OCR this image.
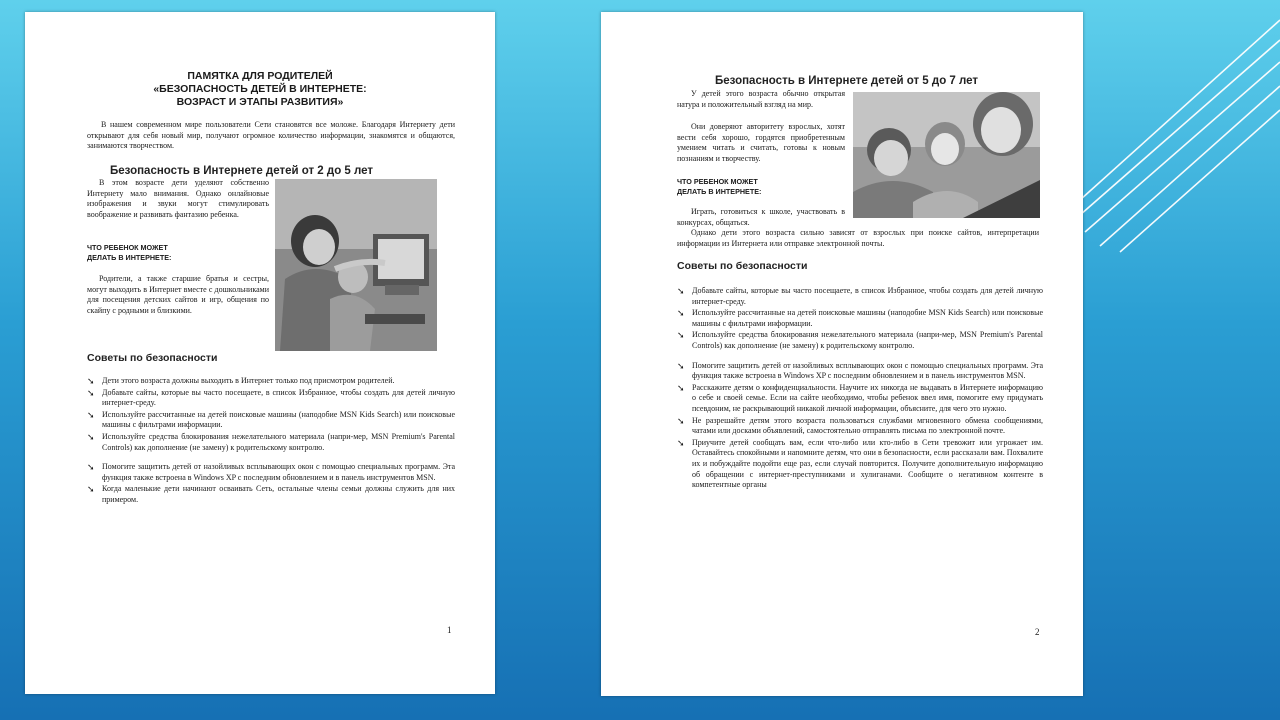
ПАМЯТКА ДЛЯ РОДИТЕЛЕЙ
«БЕЗОПАСНОСТЬ ДЕТЕЙ В ИНТЕРНЕТЕ:
ВОЗРАСТ И ЭТАПЫ РАЗВИТИЯ»
В нашем современном мире пользователи Сети становятся все моложе. Благодаря Интернету дети открывают для себя новый мир, получают огромное количество информации, знакомятся и общаются, занимаются творчеством.
Безопасность в Интернете детей от 2 до 5 лет
В этом возрасте дети уделяют собственно Интернету мало внимания. Однако онлайновые изображения и звуки могут стимулировать воображение и развивать фантазию ребенка.
ЧТО РЕБЕНОК МОЖЕТ
ДЕЛАТЬ В ИНТЕРНЕТЕ:
Родители, а также старшие братья и сестры, могут выходить в Интернет вместе с дошкольниками для посещения детских сайтов и игр, общения по скайпу с родными и близкими.
Советы по безопасности
➘ Дети этого возраста должны выходить в Интернет только под присмотром родителей.
➘ Добавьте сайты, которые вы часто посещаете, в список Избранное, чтобы создать для детей личную интернет-среду.
➘ Используйте рассчитанные на детей поисковые машины (наподобие MSN Kids Search) или поисковые машины с фильтрами информации.
➘ Используйте средства блокирования нежелательного материала (напри-мер, MSN Premium's Parental Controls) как дополнение (не замену) к родительскому контролю.
➘ Помогите защитить детей от назойливых всплывающих окон с помощью специальных программ. Эта функция также встроена в Windows XP с последним обновлением и в панель инструментов MSN.
➘ Когда маленькие дети начинают осваивать Сеть, остальные члены семьи должны служить для них примером.
1
Безопасность в Интернете детей от 5 до 7 лет
У детей этого возраста обычно открытая натура и положительный взгляд на мир.
Они доверяют авторитету взрослых, хотят вести себя хорошо, гордятся приобретенным умением читать и считать, готовы к новым познаниям и творчеству.
ЧТО РЕБЕНОК МОЖЕТ
ДЕЛАТЬ В ИНТЕРНЕТЕ:
Играть, готовиться к школе, участвовать в конкурсах, общаться.
Однако дети этого возраста сильно зависят от взрослых при поиске сайтов, интерпретации информации из Интернета или отправке электронной почты.
Советы по безопасности
➘ Добавьте сайты, которые вы часто посещаете, в список Избранное, чтобы создать для детей личную интернет-среду.
➘ Используйте рассчитанные на детей поисковые машины (наподобие MSN Kids Search) или поисковые машины с фильтрами информации.
➘ Используйте средства блокирования нежелательного материала (напри-мер, MSN Premium's Parental Controls) как дополнение (не замену) к родительскому контролю.
➘ Помогите защитить детей от назойливых всплывающих окон с помощью специальных программ. Эта функция также встроена в Windows XP с последним обновлением и в панель инструментов MSN.
➘ Расскажите детям о конфиденциальности. Научите их никогда не выдавать в Интернете информацию о себе и своей семье. Если на сайте необходимо, чтобы ребенок ввел имя, помогите ему придумать псевдоним, не раскрывающий никакой личной информации, объясните, для чего это нужно.
➘ Не разрешайте детям этого возраста пользоваться службами мгновенного обмена сообщениями, чатами или досками объявлений, самостоятельно отправлять письма по электронной почте.
➘ Приучите детей сообщать вам, если что-либо или кто-либо в Сети тревожит или угрожает им. Оставайтесь спокойными и напомните детям, что они в безопасности, если рассказали вам. Похвалите их и побуждайте подойти еще раз, если случай повторится. Получите дополнительную информацию об обращении с интернет-преступниками и хулиганами. Сообщите о негативном контенте в компетентные органы
2
